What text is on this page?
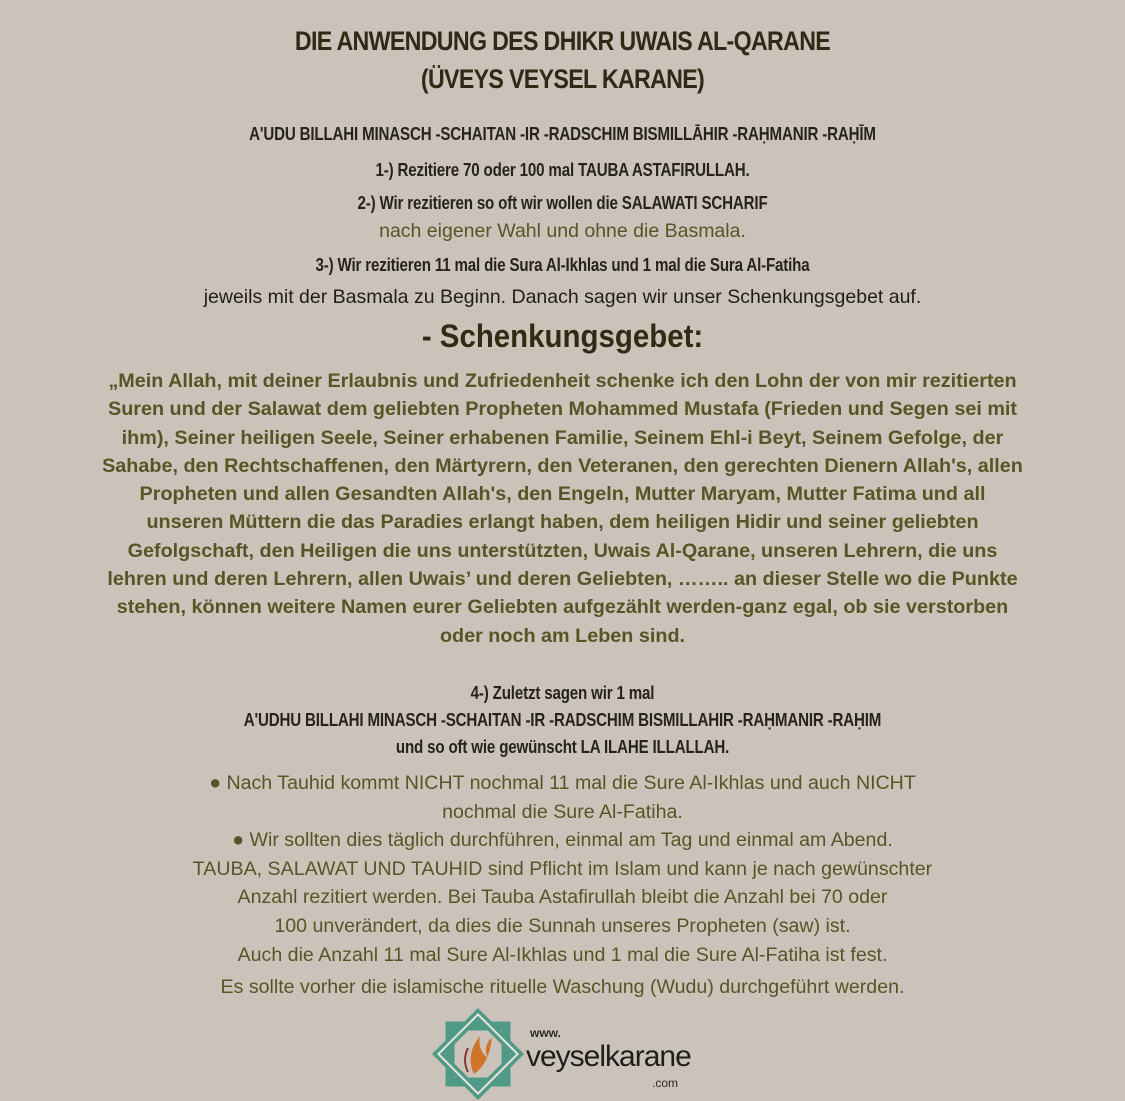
DIE ANWENDUNG DES DHIKR UWAIS AL-QARANE
(ÜVEYS VEYSEL KARANE)
A'UDU BILLAHI MINASCH -SCHAITAN -IR -RADSCHIM BISMILLĀHIR -RAḤMANIR -RAḤĪM
1-) Rezitiere 70 oder 100 mal TAUBA ASTAFIRULLAH.
2-) Wir rezitieren so oft wir wollen die SALAWATI SCHARIF
nach eigener Wahl und ohne die Basmala.
3-) Wir rezitieren 11 mal die Sura Al-Ikhlas und 1 mal die Sura Al-Fatiha
jeweils mit der Basmala zu Beginn. Danach sagen wir unser Schenkungsgebet auf.
- Schenkungsgebet:
„Mein Allah, mit deiner Erlaubnis und Zufriedenheit schenke ich den Lohn der von mir rezitierten Suren und der Salawat dem geliebten Propheten Mohammed Mustafa (Frieden und Segen sei mit ihm), Seiner heiligen Seele, Seiner erhabenen Familie, Seinem Ehl-i Beyt, Seinem Gefolge, der Sahabe, den Rechtschaffenen, den Märtyrern, den Veteranen, den gerechten Dienern Allah's, allen Propheten und allen Gesandten Allah's, den Engeln, Mutter Maryam, Mutter Fatima und all unseren Müttern die das Paradies erlangt haben, dem heiligen Hidir und seiner geliebten Gefolgschaft, den Heiligen die uns unterstützten, Uwais Al-Qarane, unseren Lehrern, die uns lehren und deren Lehrern, allen Uwais’ und deren Geliebten, …….. an dieser Stelle wo die Punkte stehen, können weitere Namen eurer Geliebten aufgezählt werden-ganz egal, ob sie verstorben oder noch am Leben sind.
4-) Zuletzt sagen wir 1 mal
A'UDHU BILLAHI MINASCH -SCHAITAN -IR -RADSCHIM BISMILLAHIR -RAḤMANIR -RAḤIM
und so oft wie gewünscht LA ILAHE ILLALLAH.
● Nach Tauhid kommt NICHT nochmal 11 mal die Sure Al-Ikhlas und auch NICHT
nochmal die Sure Al-Fatiha.
● Wir sollten dies täglich durchführen, einmal am Tag und einmal am Abend.
TAUBA, SALAWAT UND TAUHID sind Pflicht im Islam und kann je nach gewünschter
Anzahl rezitiert werden. Bei Tauba Astafirullah bleibt die Anzahl bei 70 oder
100 unverändert, da dies die Sunnah unseres Propheten (saw) ist.
Auch die Anzahl 11 mal Sure Al-Ikhlas und 1 mal die Sure Al-Fatiha ist fest.
Es sollte vorher die islamische rituelle Waschung (Wudu) durchgeführt werden.
www.
veyselkarane
.com
